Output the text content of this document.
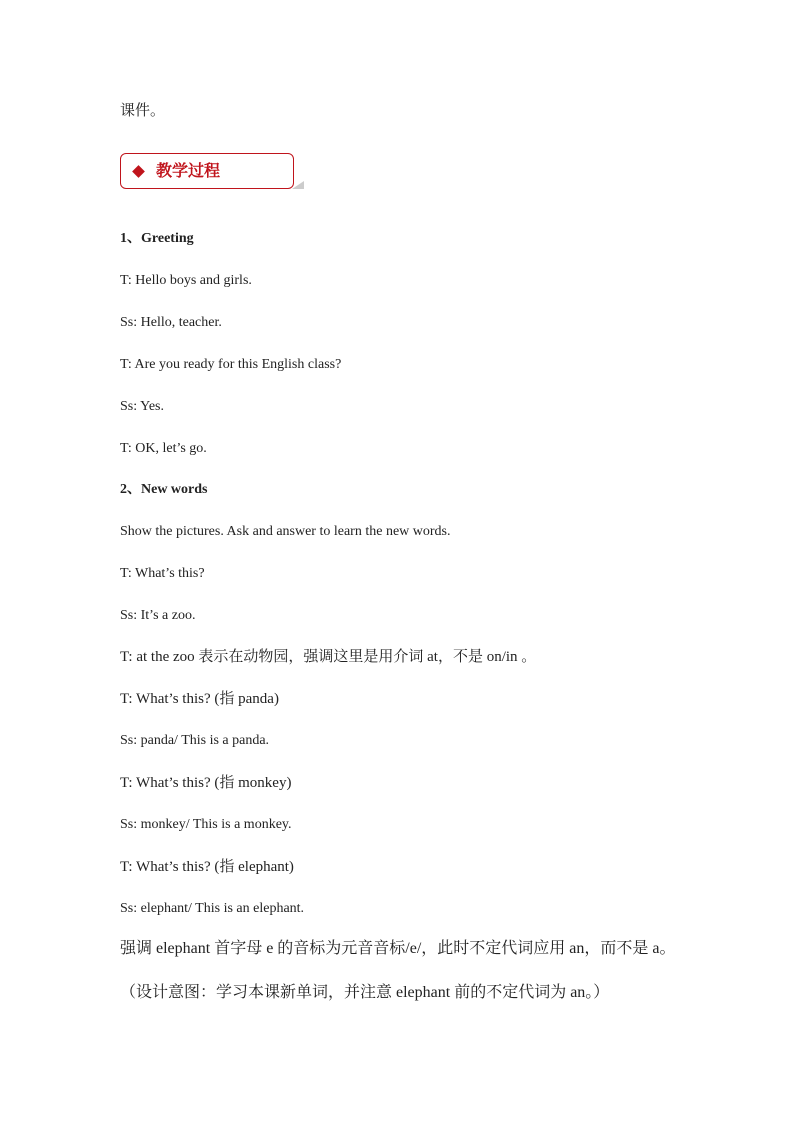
课件。
教学过程
1、Greeting
T: Hello boys and girls.
Ss: Hello, teacher.
T: Are you ready for this English class?
Ss: Yes.
T: OK, let’s go.
2、New words
Show the pictures. Ask and answer to learn the new words.
T: What’s this?
Ss: It’s a zoo.
T: at the zoo 表示在动物园，强调这里是用介词 at，不是 on/in 。
T: What’s this? (指 panda)
Ss: panda/ This is a panda.
T: What’s this? (指 monkey)
Ss: monkey/ This is a monkey.
T: What’s this? (指 elephant)
Ss: elephant/ This is an elephant.
强调 elephant 首字母 e 的音标为元音音标/e/，此时不定代词应用 an，而不是 a。
（设计意图：学习本课新单词，并注意 elephant 前的不定代词为 an。）
